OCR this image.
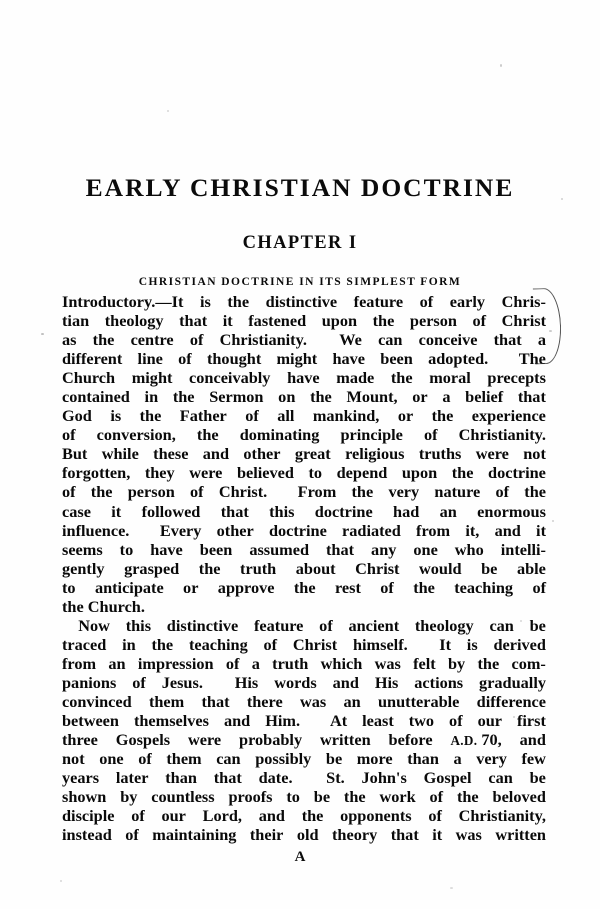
EARLY CHRISTIAN DOCTRINE
CHAPTER I
CHRISTIAN DOCTRINE IN ITS SIMPLEST FORM
Introductory.—It is the distinctive feature of early Chris-
tian theology that it fastened upon the person of Christ
as the centre of Christianity.
We can conceive that a
different line of thought might have been adopted.
The
Church might conceivably have made the moral precepts
contained in the Sermon on the Mount, or a belief that
God is the Father of all mankind, or the experience
of conversion, the dominating principle of Christianity.
But while these and other great religious truths were not
forgotten, they were believed to depend upon the doctrine
of the person of Christ.
From the very nature of the
case it followed that this doctrine had an enormous
influence.
Every other doctrine radiated from it, and it
seems to have been assumed that any one who intelli-
gently grasped the truth about Christ would be able
to anticipate or approve the rest of the teaching of
the Church.
 Now this distinctive feature of ancient theology can be
traced in the teaching of Christ himself.
It is derived
from an impression of a truth which was felt by the com-
panions of Jesus.
His words and His actions gradually
convinced them that there was an unutterable difference
between themselves and Him.
At least two of our first
three Gospels were probably written before A.D. 70, and
not one of them can possibly be more than a very few
years later than that date.
St. John's Gospel can be
shown by countless proofs to be the work of the beloved
disciple of our Lord, and the opponents of Christianity,
instead of maintaining their old theory that it was written
A
